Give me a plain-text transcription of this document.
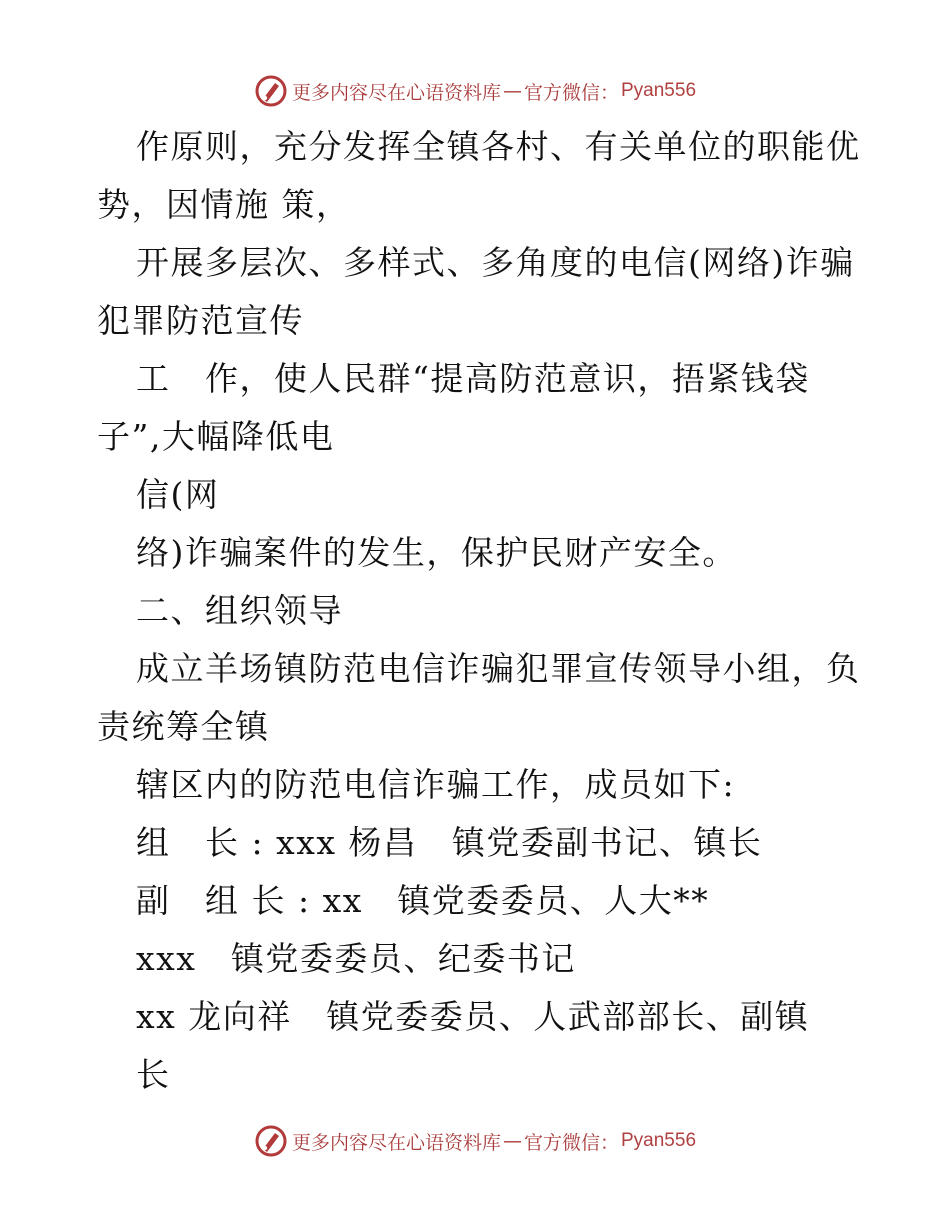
更多内容尽在心语资料库 — 官方微信： Pyan556
作原则，充分发挥全镇各村、有关单位的职能优
势，因情施 策，
开展多层次、多样式、多角度的电信(网络)诈骗
犯罪防范宣传
工　作，使人民群“提高防范意识，捂紧钱袋
子”,大幅降低电
信(网
络)诈骗案件的发生，保护民财产安全。
二、组织领导
成立羊场镇防范电信诈骗犯罪宣传领导小组，负
责统筹全镇
辖区内的防范电信诈骗工作，成员如下:
组　长 : xxx 杨昌　镇党委副书记、镇长
副　组 长 : xx　镇党委委员、人大**
xxx　镇党委委员、纪委书记
xx 龙向祥　镇党委委员、人武部部长、副镇
长
更多内容尽在心语资料库 — 官方微信： Pyan556
